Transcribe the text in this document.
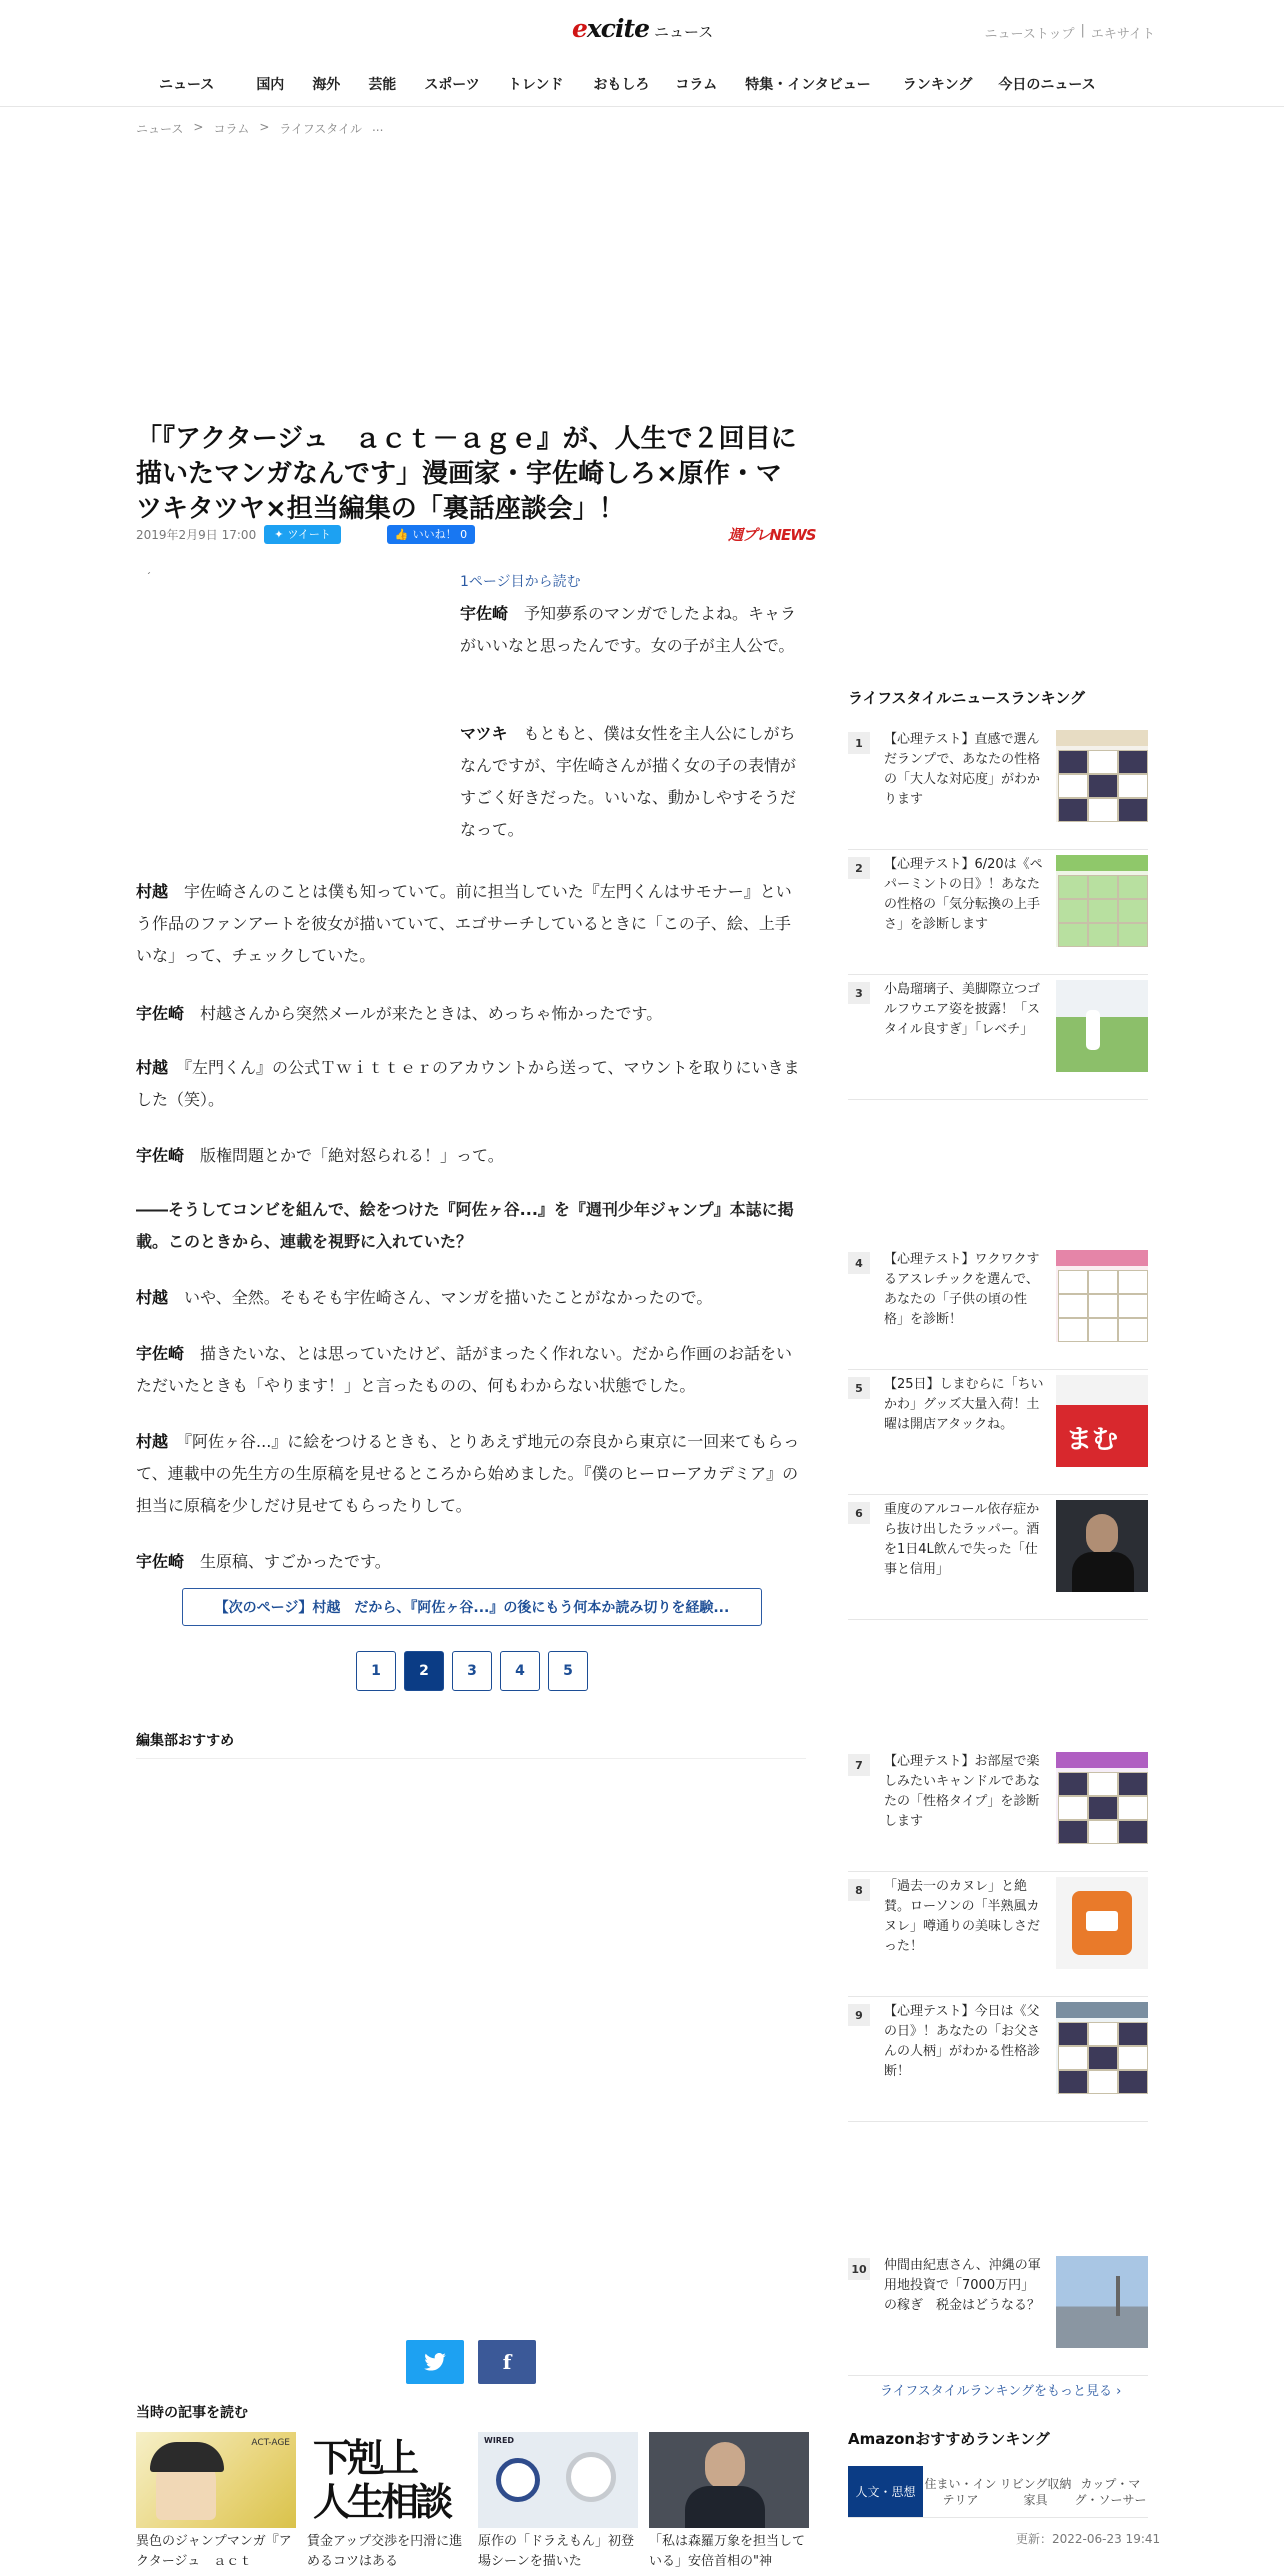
excite ニュース	ニューストップ | エキサイト
ニュース	国内 海外 芸能 スポーツ トレンド おもしろ コラム 特集・インタビュー ランキング 今日のニュース
ニュース > コラム > ライフスタイル ...
「『アクタージュ　ａｃｔ－ａｇｅ』が、人生で２回目に描いたマンガなんです」漫画家・宇佐崎しろ×原作・マツキタツヤ×担当編集の「裏話座談会」！
2019年2月9日 17:00 ✦ ツイート	👍 いいね！ 0	週プレNEWS
´	1ページ目から読む

宇佐崎　 予知夢系のマンガでしたよね。キャラがいいなと思ったんです。女の子が主人公で。

マツキ　 もともと、僕は女性を主人公にしがちなんですが、宇佐崎さんが描く女の子の表情がすごく好きだった。いいな、動かしやすそうだなって。

村越　 宇佐崎さんのことは僕も知っていて。前に担当していた『左門くんはサモナー』という作品のファンアートを彼女が描いていて、エゴサーチしているときに「この子、絵、上手いな」って、チェックしていた。

宇佐崎　 村越さんから突然メールが来たときは、めっちゃ怖かったです。

村越　 『左門くん』の公式Ｔｗｉｔｔｅｒのアカウントから送って、マウントを取りにいきました（笑）。

宇佐崎　 版権問題とかで「絶対怒られる！」って。

――そうしてコンビを組んで、絵をつけた『阿佐ヶ谷...』を『週刊少年ジャンプ』本誌に掲載。このときから、連載を視野に入れていた？

村越　 いや、全然。そもそも宇佐崎さん、マンガを描いたことがなかったので。

宇佐崎　 描きたいな、とは思っていたけど、話がまったく作れない。だから作画のお話をいただいたときも「やります！」と言ったものの、何もわからない状態でした。

村越　 『阿佐ヶ谷...』に絵をつけるときも、とりあえず地元の奈良から東京に一回来てもらって、連載中の先生方の生原稿を見せるところから始めました。『僕のヒーローアカデミア』の担当に原稿を少しだけ見せてもらったりして。

宇佐崎　 生原稿、すごかったです。

【次のページ】村越　だから、『阿佐ヶ谷...』の後にもう何本か読み切りを経験...
1	2	3	4	5
編集部おすすめ
f
当時の記事を読む
ACT-AGE
異色のジャンプマンガ『アクタージュ　ａｃｔ
下剋上
人生相談
賃金アップ交渉を円滑に進めるコツはある
WIRED
原作の「ドラえもん」初登場シーンを描いた
「私は森羅万象を担当している」安倍首相の"神
ライフスタイルニュースランキング
1	【心理テスト】直感で選んだランプで、あなたの性格の「大人な対応度」がわかります
2	【心理テスト】6/20は《ペパーミントの日》！あなたの性格の「気分転換の上手さ」を診断します
3	小島瑠璃子、美脚際立つゴルフウエア姿を披露！「スタイル良すぎ」「レベチ」
4	【心理テスト】ワクワクするアスレチックを選んで、あなたの「子供の頃の性格」を診断！
5	【25日】しまむらに「ちいかわ」グッズ大量入荷！土曜は開店アタックね。
まむ
6	重度のアルコール依存症から抜け出したラッパー。酒を1日4L飲んで失った「仕事と信用」
7	【心理テスト】お部屋で楽しみたいキャンドルであなたの「性格タイプ」を診断します
8	「過去一のカヌレ」と絶賛。ローソンの「半熟風カヌレ」噂通りの美味しさだった！
9	【心理テスト】今日は《父の日》！あなたの「お父さんの人柄」がわかる性格診断！
10 仲間由紀恵さん、沖縄の軍用地投資で「7000万円」の稼ぎ　税金はどうなる？
ライフスタイルランキングをもっと見る ›
Amazonおすすめランキング
人文・思想
住まい・インテリア
リビング収納家具
カップ・マグ・ソーサー
更新：2022-06-23 19:41
